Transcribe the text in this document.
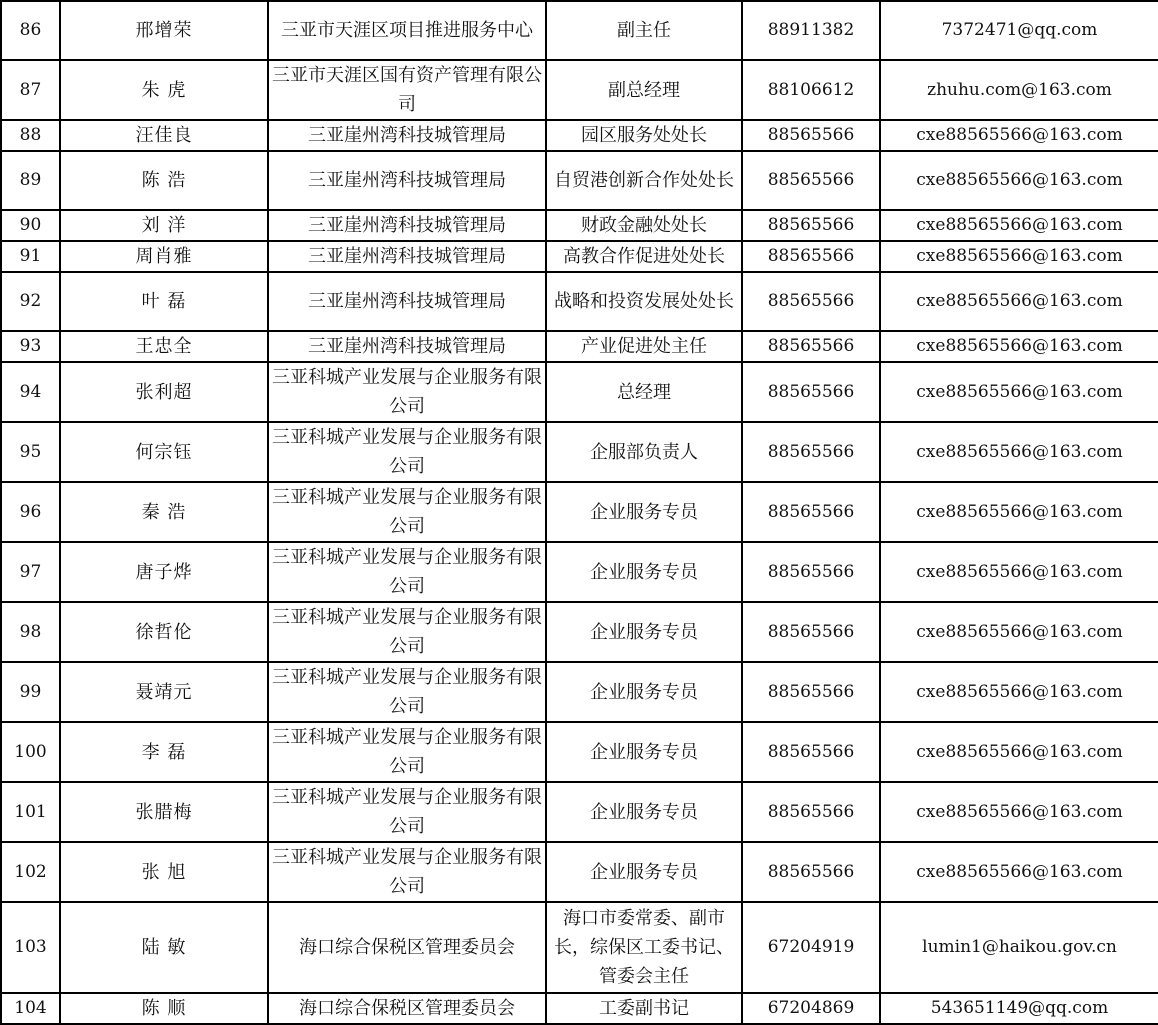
86	邢增荣	三亚市天涯区项目推进服务中心	副主任	88911382	7372471@qq.com
87	朱 虎	三亚市天涯区国有资产管理有限公司	副总经理	88106612	zhuhu.com@163.com
88	汪佳良	三亚崖州湾科技城管理局	园区服务处处长	88565566	cxe88565566@163.com
89	陈 浩	三亚崖州湾科技城管理局	自贸港创新合作处处长	88565566	cxe88565566@163.com
90	刘 洋	三亚崖州湾科技城管理局	财政金融处处长	88565566	cxe88565566@163.com
91	周肖雅	三亚崖州湾科技城管理局	高教合作促进处处长	88565566	cxe88565566@163.com
92	叶 磊	三亚崖州湾科技城管理局	战略和投资发展处处长	88565566	cxe88565566@163.com
93	王忠全	三亚崖州湾科技城管理局	产业促进处主任	88565566	cxe88565566@163.com
94	张利超	三亚科城产业发展与企业服务有限公司	总经理	88565566	cxe88565566@163.com
95	何宗钰	三亚科城产业发展与企业服务有限公司	企服部负责人	88565566	cxe88565566@163.com
96	秦 浩	三亚科城产业发展与企业服务有限公司	企业服务专员	88565566	cxe88565566@163.com
97	唐子烨	三亚科城产业发展与企业服务有限公司	企业服务专员	88565566	cxe88565566@163.com
98	徐哲伦	三亚科城产业发展与企业服务有限公司	企业服务专员	88565566	cxe88565566@163.com
99	聂靖元	三亚科城产业发展与企业服务有限公司	企业服务专员	88565566	cxe88565566@163.com
100	李 磊	三亚科城产业发展与企业服务有限公司	企业服务专员	88565566	cxe88565566@163.com
101	张腊梅	三亚科城产业发展与企业服务有限公司	企业服务专员	88565566	cxe88565566@163.com
102	张 旭	三亚科城产业发展与企业服务有限公司	企业服务专员	88565566	cxe88565566@163.com
103	陆 敏	海口综合保税区管理委员会	海口市委常委、副市长，综保区工委书记、管委会主任	67204919	lumin1@haikou.gov.cn
104	陈 顺	海口综合保税区管理委员会	工委副书记	67204869	543651149@qq.com
